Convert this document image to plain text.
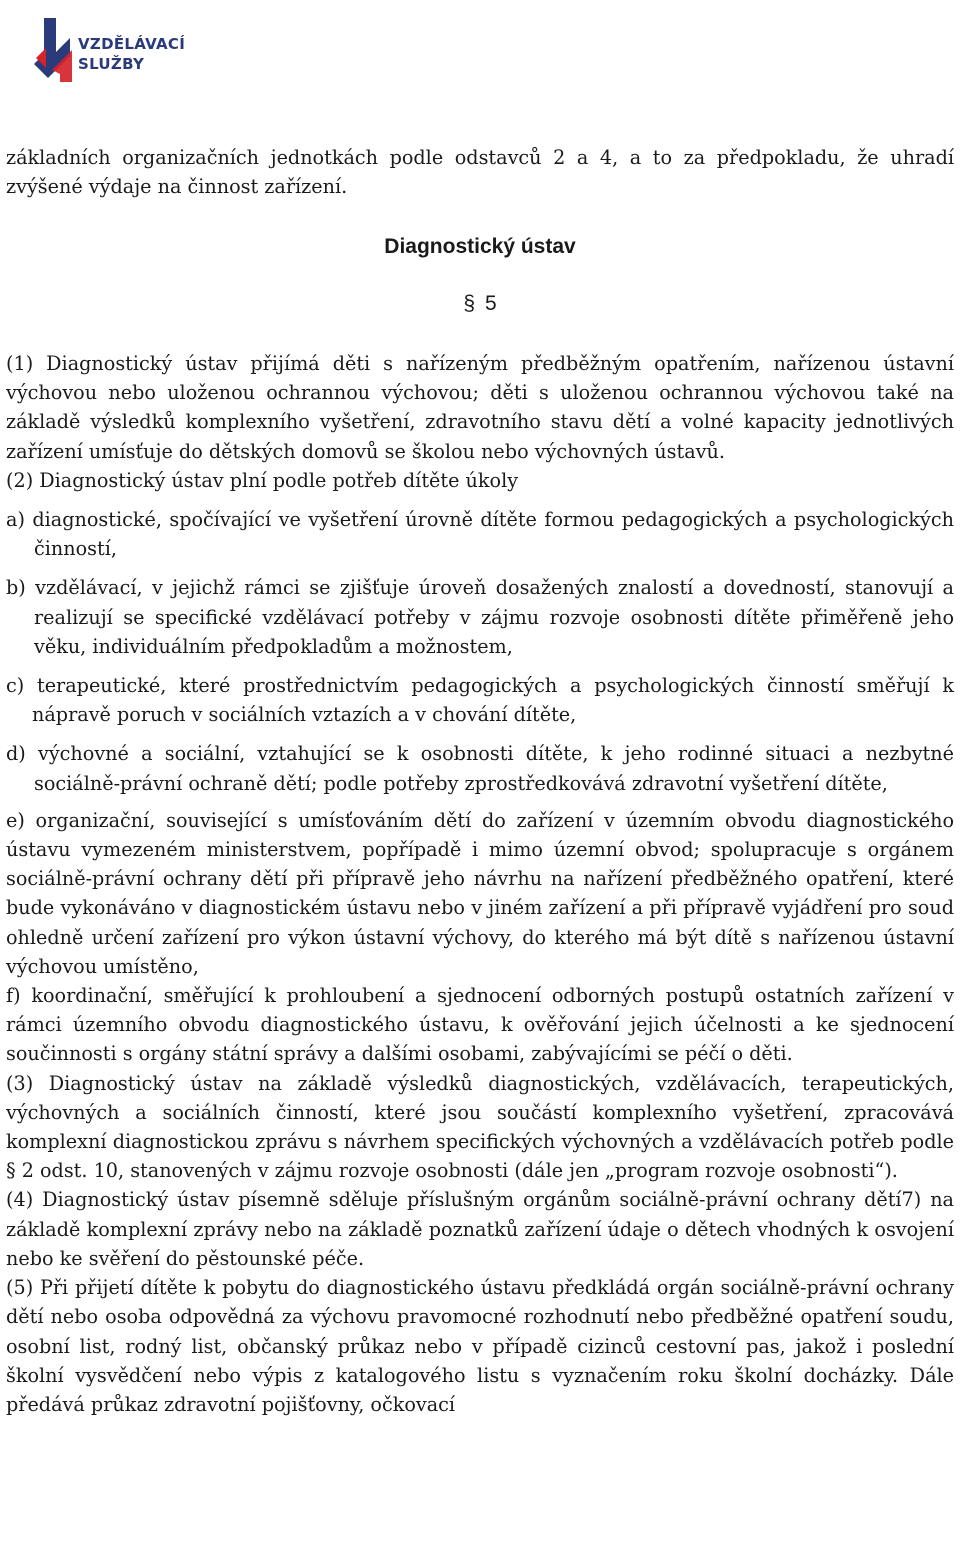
VZDĚLÁVACÍ
SLUŽBY

základních organizačních jednotkách podle odstavců 2 a 4, a to za předpokladu, že uhradí zvýšené výdaje na činnost zařízení.

Diagnostický ústav
§ 5

(1) Diagnostický ústav přijímá děti s nařízeným předběžným opatřením, nařízenou ústavní výchovou nebo uloženou ochrannou výchovou; děti s uloženou ochrannou výchovou také na základě výsledků komplexního vyšetření, zdravotního stavu dětí a volné kapacity jednotlivých zařízení umísťuje do dětských domovů se školou nebo výchovných ústavů.

(2) Diagnostický ústav plní podle potřeb dítěte úkoly

a) diagnostické, spočívající ve vyšetření úrovně dítěte formou pedagogických a psychologických činností,

b) vzdělávací, v jejichž rámci se zjišťuje úroveň dosažených znalostí a dovedností, stanovují a realizují se specifické vzdělávací potřeby v zájmu rozvoje osobnosti dítěte přiměřeně jeho věku, individuálním předpokladům a možnostem,

c) terapeutické, které prostřednictvím pedagogických a psychologických činností směřují k nápravě poruch v sociálních vztazích a v chování dítěte,

d) výchovné a sociální, vztahující se k osobnosti dítěte, k jeho rodinné situaci a nezbytné sociálně-právní ochraně dětí; podle potřeby zprostředkovává zdravotní vyšetření dítěte,

e) organizační, související s umísťováním dětí do zařízení v územním obvodu diagnostického ústavu vymezeném ministerstvem, popřípadě i mimo územní obvod; spolupracuje s orgánem sociálně-právní ochrany dětí při přípravě jeho návrhu na nařízení předběžného opatření, které bude vykonáváno v diagnostickém ústavu nebo v jiném zařízení a při přípravě vyjádření pro soud ohledně určení zařízení pro výkon ústavní výchovy, do kterého má být dítě s nařízenou ústavní výchovou umístěno,

f) koordinační, směřující k prohloubení a sjednocení odborných postupů ostatních zařízení v rámci územního obvodu diagnostického ústavu, k ověřování jejich účelnosti a ke sjednocení součinnosti s orgány státní správy a dalšími osobami, zabývajícími se péčí o děti.

(3) Diagnostický ústav na základě výsledků diagnostických, vzdělávacích, terapeutických, výchovných a sociálních činností, které jsou součástí komplexního vyšetření, zpracovává komplexní diagnostickou zprávu s návrhem specifických výchovných a vzdělávacích potřeb podle § 2 odst. 10, stanovených v zájmu rozvoje osobnosti (dále jen „program rozvoje osobnosti“).

(4) Diagnostický ústav písemně sděluje příslušným orgánům sociálně-právní ochrany dětí7) na základě komplexní zprávy nebo na základě poznatků zařízení údaje o dětech vhodných k osvojení nebo ke svěření do pěstounské péče.

(5) Při přijetí dítěte k pobytu do diagnostického ústavu předkládá orgán sociálně-právní ochrany dětí nebo osoba odpovědná za výchovu pravomocné rozhodnutí nebo předběžné opatření soudu, osobní list, rodný list, občanský průkaz nebo v případě cizinců cestovní pas, jakož i poslední školní vysvědčení nebo výpis z katalogového listu s vyznačením roku školní docházky. Dále předává průkaz zdravotní pojišťovny, očkovací
